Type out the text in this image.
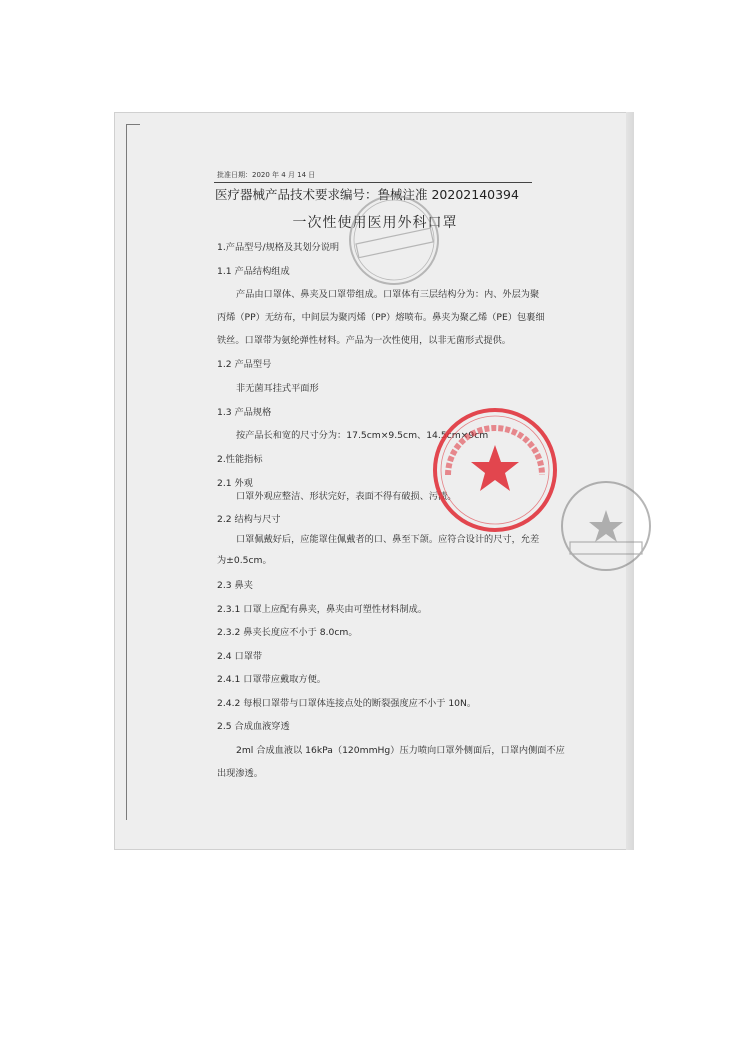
批准日期：2020 年 4 月 14 日
医疗器械产品技术要求编号：鲁械注准 20202140394
一次性使用医用外科口罩
1.产品型号/规格及其划分说明
1.1 产品结构组成
产品由口罩体、鼻夹及口罩带组成。口罩体有三层结构分为：内、外层为聚
丙烯（PP）无纺布，中间层为聚丙烯（PP）熔喷布。鼻夹为聚乙烯（PE）包裹细
铁丝。口罩带为氨纶弹性材料。产品为一次性使用，以非无菌形式提供。
1.2 产品型号
非无菌耳挂式平面形
1.3 产品规格
按产品长和宽的尺寸分为：17.5cm×9.5cm、14.5cm×9cm
2.性能指标
2.1 外观
口罩外观应整洁、形状完好，表面不得有破损、污渍。
2.2 结构与尺寸
口罩佩戴好后，应能罩住佩戴者的口、鼻至下颌。应符合设计的尺寸，允差
为±0.5cm。
2.3 鼻夹
2.3.1 口罩上应配有鼻夹，鼻夹由可塑性材料制成。
2.3.2 鼻夹长度应不小于 8.0cm。
2.4 口罩带
2.4.1 口罩带应戴取方便。
2.4.2 每根口罩带与口罩体连接点处的断裂强度应不小于 10N。
2.5 合成血液穿透
2ml 合成血液以 16kPa（120mmHg）压力喷向口罩外侧面后，口罩内侧面不应
出现渗透。
